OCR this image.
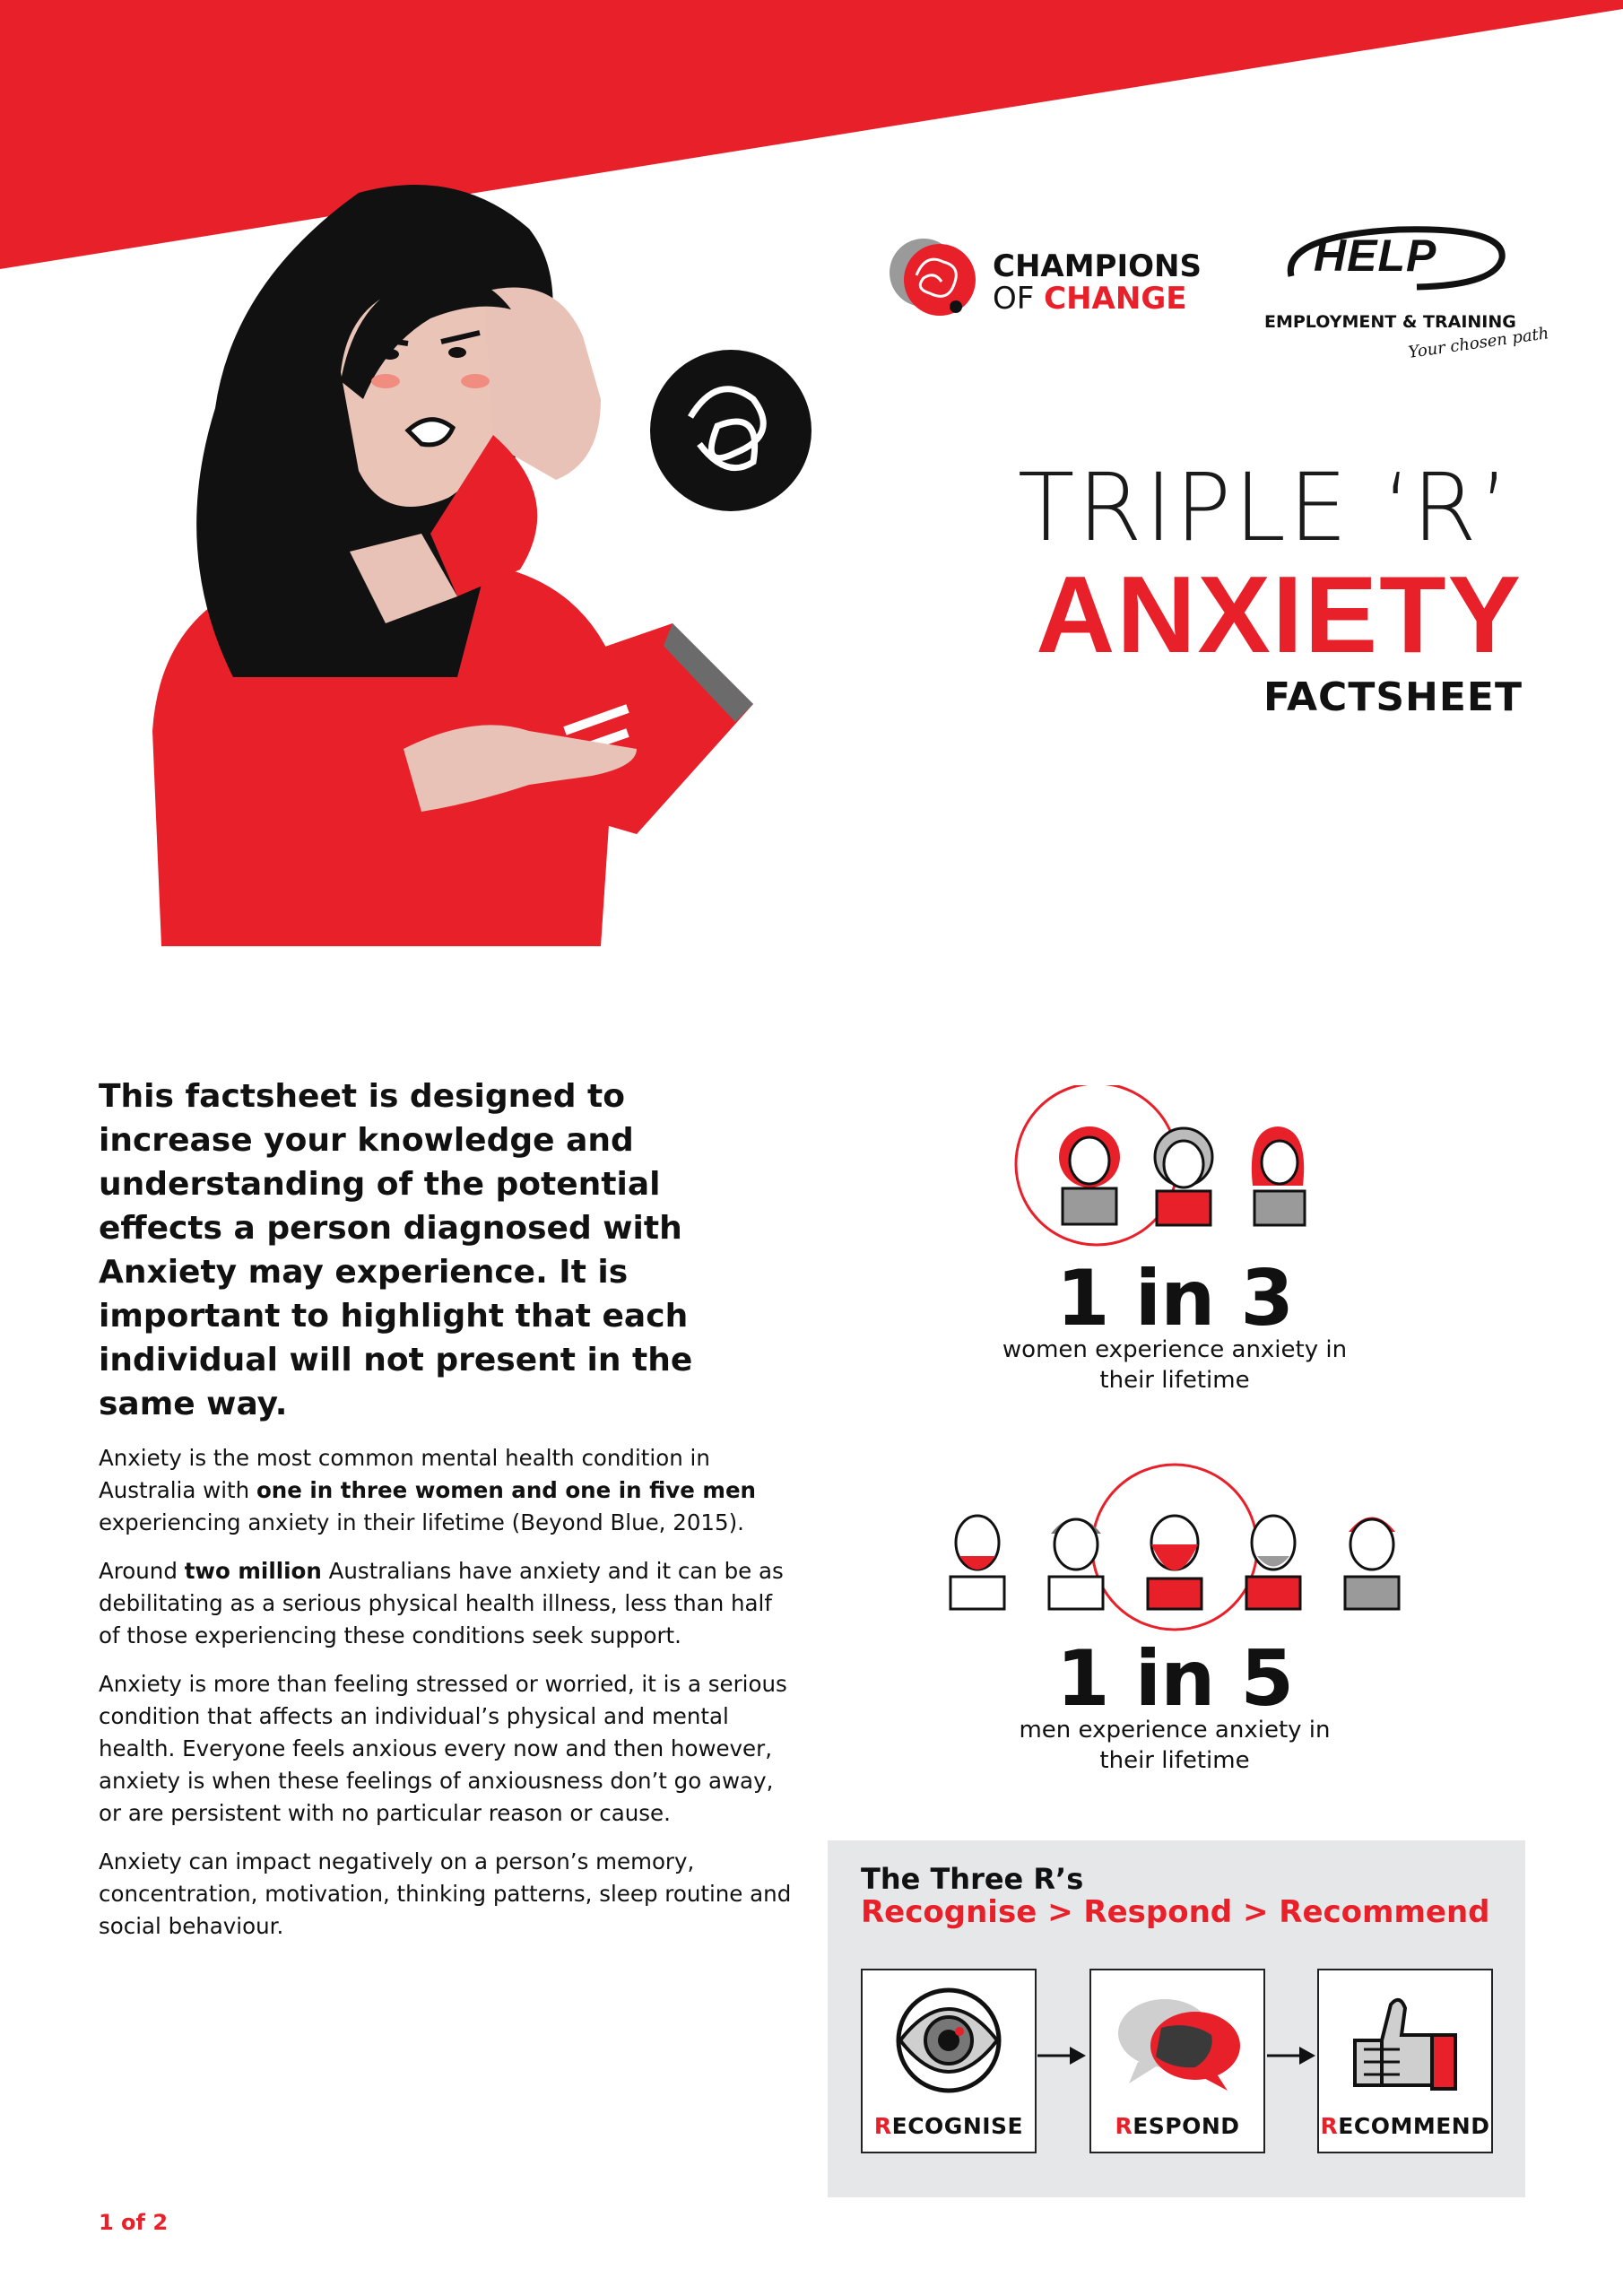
CHAMPIONS
OF CHANGE
HELP
EMPLOYMENT & TRAINING
Your chosen path
TRIPLE ‘R’
ANXIETY
FACTSHEET
This factsheet is designed to increase your knowledge and understanding of the potential effects a person diagnosed with Anxiety may experience. It is important to highlight that each individual will not present in the same way.

Anxiety is the most common mental health condition in Australia with one in three women and one in five men experiencing anxiety in their lifetime (Beyond Blue, 2015).

Around two million Australians have anxiety and it can be as debilitating as a serious physical health illness, less than half of those experiencing these conditions seek support.

Anxiety is more than feeling stressed or worried, it is a serious condition that affects an individual’s physical and mental health. Everyone feels anxious every now and then however, anxiety is when these feelings of anxiousness don’t go away, or are persistent with no particular reason or cause.

Anxiety can impact negatively on a person’s memory, concentration, motivation, thinking patterns, sleep routine and social behaviour.

1 in 3
women experience anxiety in their lifetime
1 in 5
men experience anxiety in their lifetime
The Three R’s
Recognise > Respond > Recommend
RECOGNISE	RESPOND	RECOMMEND
1 of 2
